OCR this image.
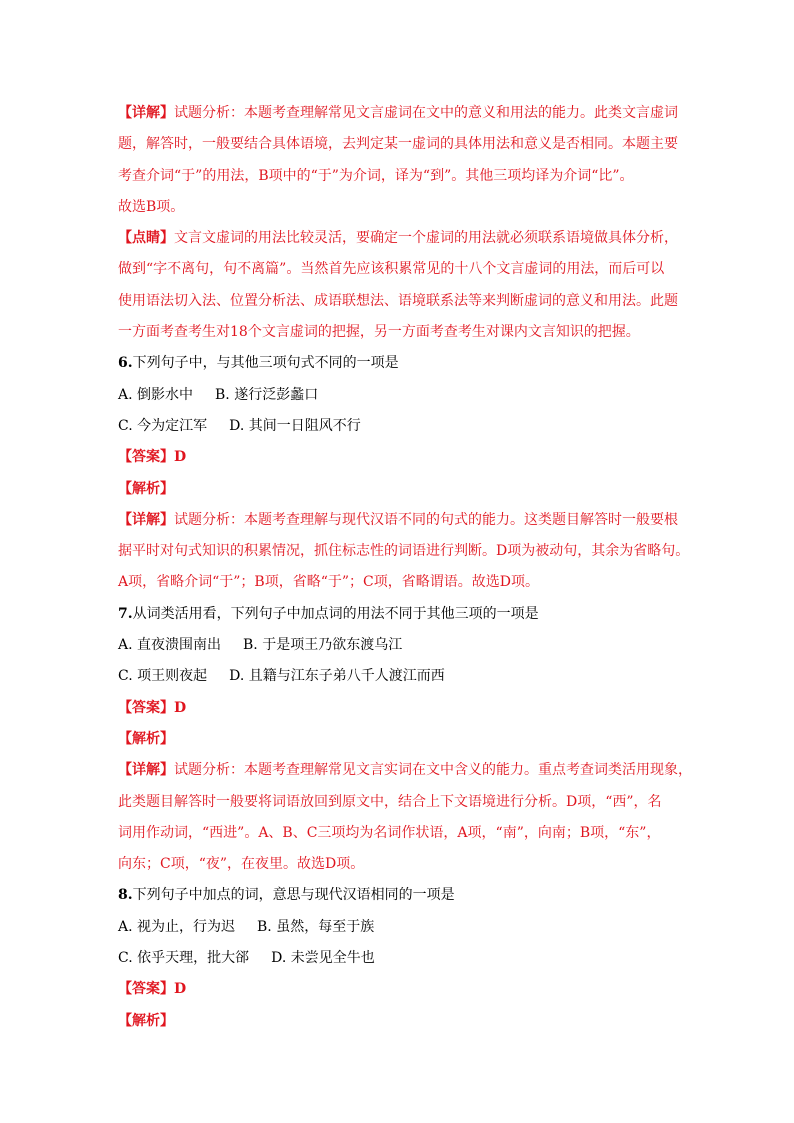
【详解】试题分析：本题考查理解常见文言虚词在文中的意义和用法的能力。此类文言虚词

题，解答时，一般要结合具体语境，去判定某一虚词的具体用法和意义是否相同。本题主要

考查介词“于”的用法，B项中的“于”为介词，译为“到”。其他三项均译为介词“比”。

故选B项。

【点睛】文言文虚词的用法比较灵活，要确定一个虚词的用法就必须联系语境做具体分析，

做到“字不离句，句不离篇”。当然首先应该积累常见的十八个文言虚词的用法，而后可以

使用语法切入法、位置分析法、成语联想法、语境联系法等来判断虚词的意义和用法。此题

一方面考查考生对18个文言虚词的把握，另一方面考查考生对课内文言知识的把握。

6.下列句子中，与其他三项句式不同的一项是

A. 倒影水中 B. 遂行泛彭蠡口

C. 今为定江军 D. 其间一日阻风不行

【答案】D

【解析】

【详解】试题分析：本题考查理解与现代汉语不同的句式的能力。这类题目解答时一般要根

据平时对句式知识的积累情况，抓住标志性的词语进行判断。D项为被动句，其余为省略句。

A项，省略介词“于”；B项，省略“于”；C项，省略谓语。故选D项。

7.从词类活用看，下列句子中加点词的用法不同于其他三项的一项是

A. 直夜溃围南出 B. 于是项王乃欲东渡乌江

C. 项王则夜起 D. 且籍与江东子弟八千人渡江而西

【答案】D

【解析】

【详解】试题分析：本题考查理解常见文言实词在文中含义的能力。重点考查词类活用现象，

此类题目解答时一般要将词语放回到原文中，结合上下文语境进行分析。D项，“西”，名

词用作动词，“西进”。A、B、C三项均为名词作状语，A项，“南”，向南；B项，“东”，

向东；C项，“夜”，在夜里。故选D项。

8.下列句子中加点的词，意思与现代汉语相同的一项是

A. 视为止，行为迟 B. 虽然，每至于族

C. 依乎天理，批大郤 D. 未尝见全牛也

【答案】D

【解析】
